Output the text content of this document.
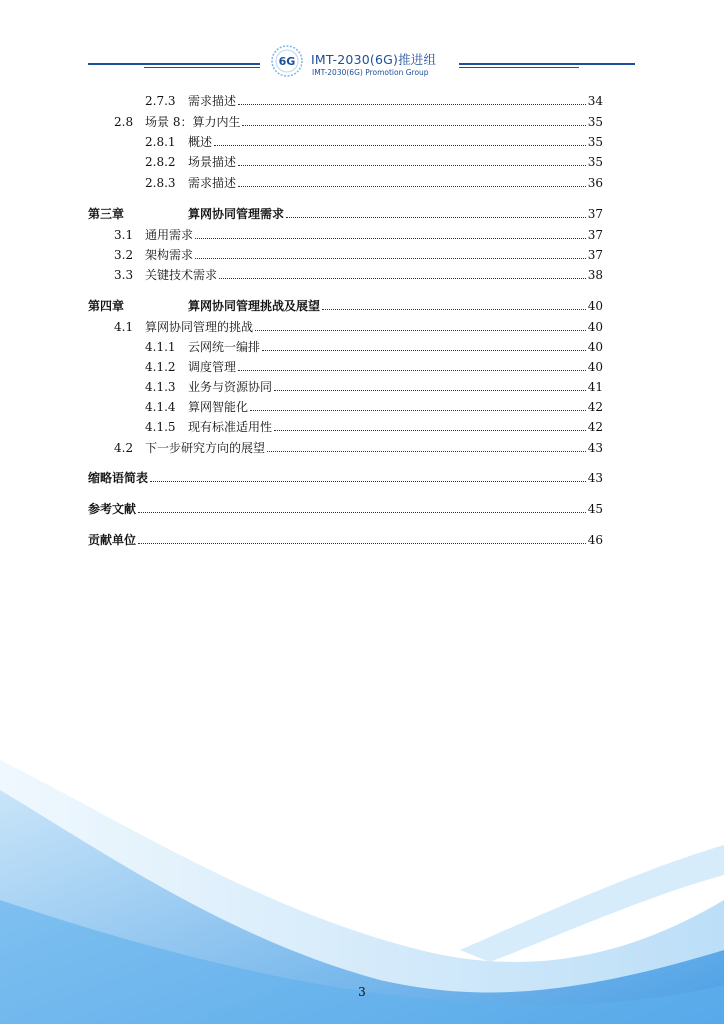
6G IMT-2030(6G)推进组
IMT-2030(6G) Promotion Group
2.7.3	需求描述	34
2.8 场景 8：算力内生	35
2.8.1	概述	35
2.8.2	场景描述	35
2.8.3	需求描述	36
第三章	算网协同管理需求	37
3.1 通用需求	37
3.2 架构需求	37
3.3 关键技术需求	38
第四章	算网协同管理挑战及展望	40
4.1 算网协同管理的挑战	40
4.1.1	云网统一编排	40
4.1.2	调度管理	40
4.1.3	业务与资源协同	41
4.1.4	算网智能化	42
4.1.5	现有标准适用性	42
4.2 下一步研究方向的展望	43
缩略语简表	43
参考文献	45
贡献单位	46
3
